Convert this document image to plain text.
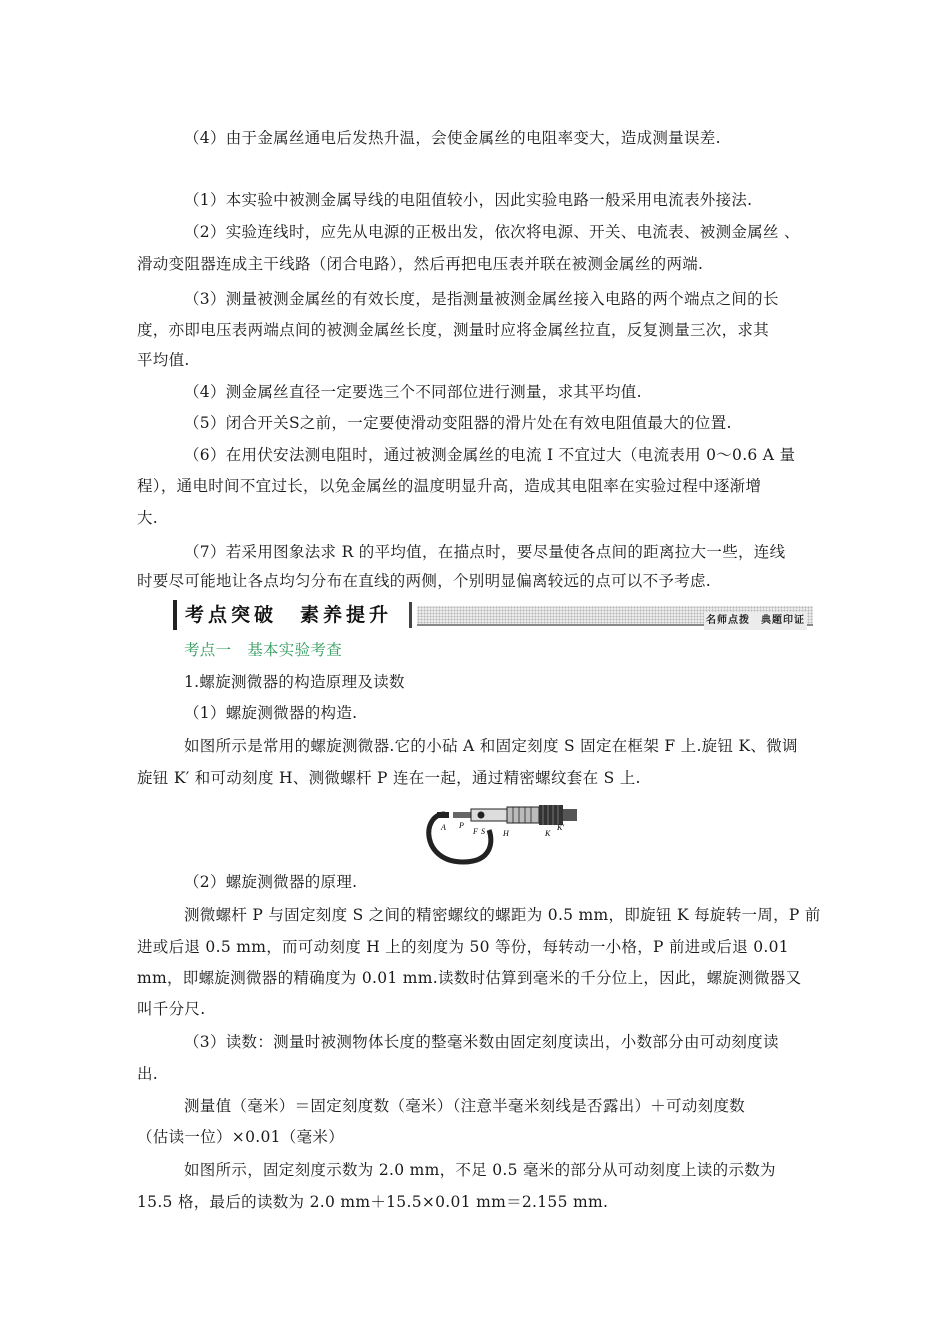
（4）由于金属丝通电后发热升温，会使金属丝的电阻率变大，造成测量误差.
（1）本实验中被测金属导线的电阻值较小，因此实验电路一般采用电流表外接法.
（2）实验连线时，应先从电源的正极出发，依次将电源、开关、电流表、被测金属丝 、
滑动变阻器连成主干线路（闭合电路），然后再把电压表并联在被测金属丝的两端.
（3）测量被测金属丝的有效长度，是指测量被测金属丝接入电路的两个端点之间的长
度，亦即电压表两端点间的被测金属丝长度，测量时应将金属丝拉直，反复测量三次，求其
平均值.
（4）测金属丝直径一定要选三个不同部位进行测量，求其平均值.
（5）闭合开关S之前，一定要使滑动变阻器的滑片处在有效电阻值最大的位置.
（6）在用伏安法测电阻时，通过被测金属丝的电流 I 不宜过大（电流表用 0～0.6 A 量
程），通电时间不宜过长，以免金属丝的温度明显升高，造成其电阻率在实验过程中逐渐增
大.
（7）若采用图象法求 R 的平均值，在描点时，要尽量使各点间的距离拉大一些，连线
时要尽可能地让各点均匀分布在直线的两侧，个别明显偏离较远的点可以不予考虑.
考点突破　素养提升	名师点拨　典题印证
考点一　基本实验考查
1.螺旋测微器的构造原理及读数
（1）螺旋测微器的构造.
如图所示是常用的螺旋测微器.它的小砧 A 和固定刻度 S 固定在框架 F 上.旋钮 K、微调
旋钮 K′ 和可动刻度 H、测微螺杆 P 连在一起，通过精密螺纹套在 S 上.
A P
F S H	K
K′
（2）螺旋测微器的原理.
测微螺杆 P 与固定刻度 S 之间的精密螺纹的螺距为 0.5 mm，即旋钮 K 每旋转一周，P 前
进或后退 0.5 mm，而可动刻度 H 上的刻度为 50 等份，每转动一小格，P 前进或后退 0.01
mm，即螺旋测微器的精确度为 0.01 mm.读数时估算到毫米的千分位上，因此，螺旋测微器又
叫千分尺.
（3）读数：测量时被测物体长度的整毫米数由固定刻度读出，小数部分由可动刻度读
出.
测量值（毫米）＝固定刻度数（毫米）（注意半毫米刻线是否露出）＋可动刻度数
（估读一位）×0.01（毫米）
如图所示，固定刻度示数为 2.0 mm，不足 0.5 毫米的部分从可动刻度上读的示数为
15.5 格，最后的读数为 2.0 mm＋15.5×0.01 mm＝2.155 mm.
